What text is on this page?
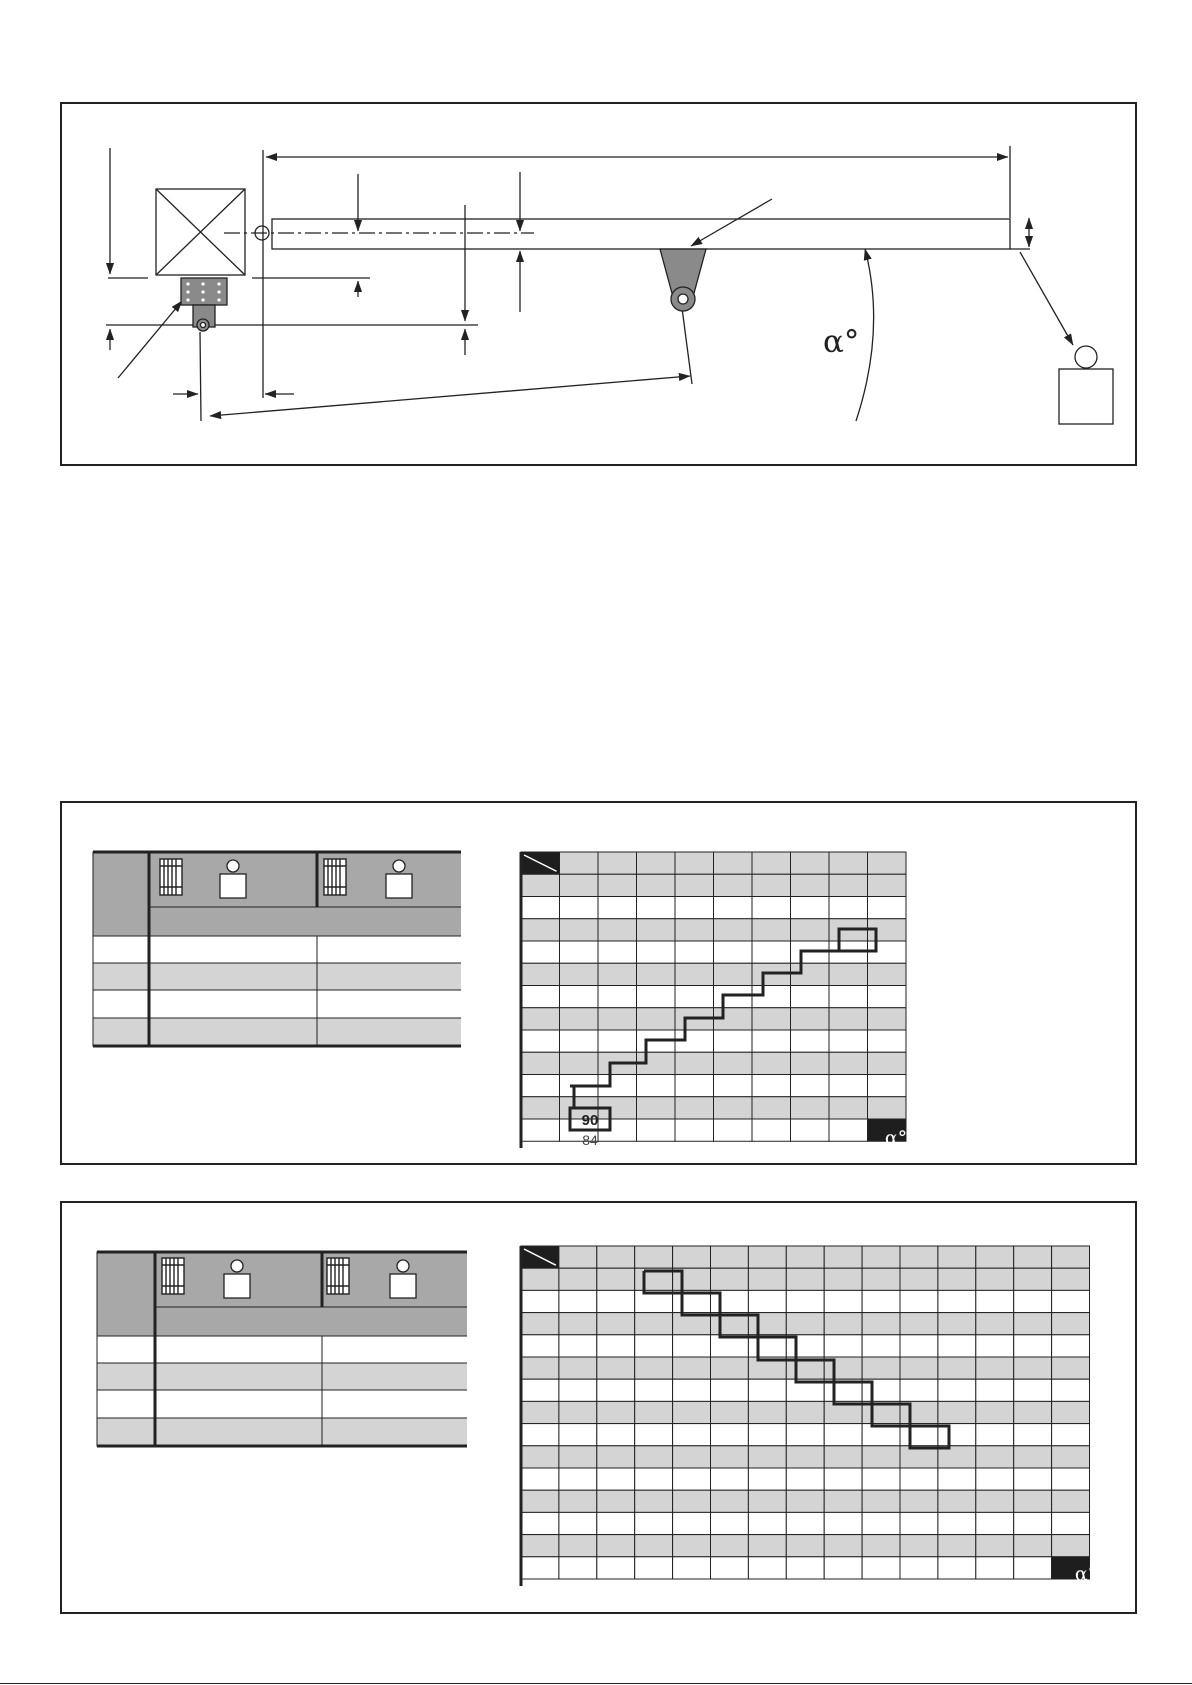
α°
90
84	α°
α°
